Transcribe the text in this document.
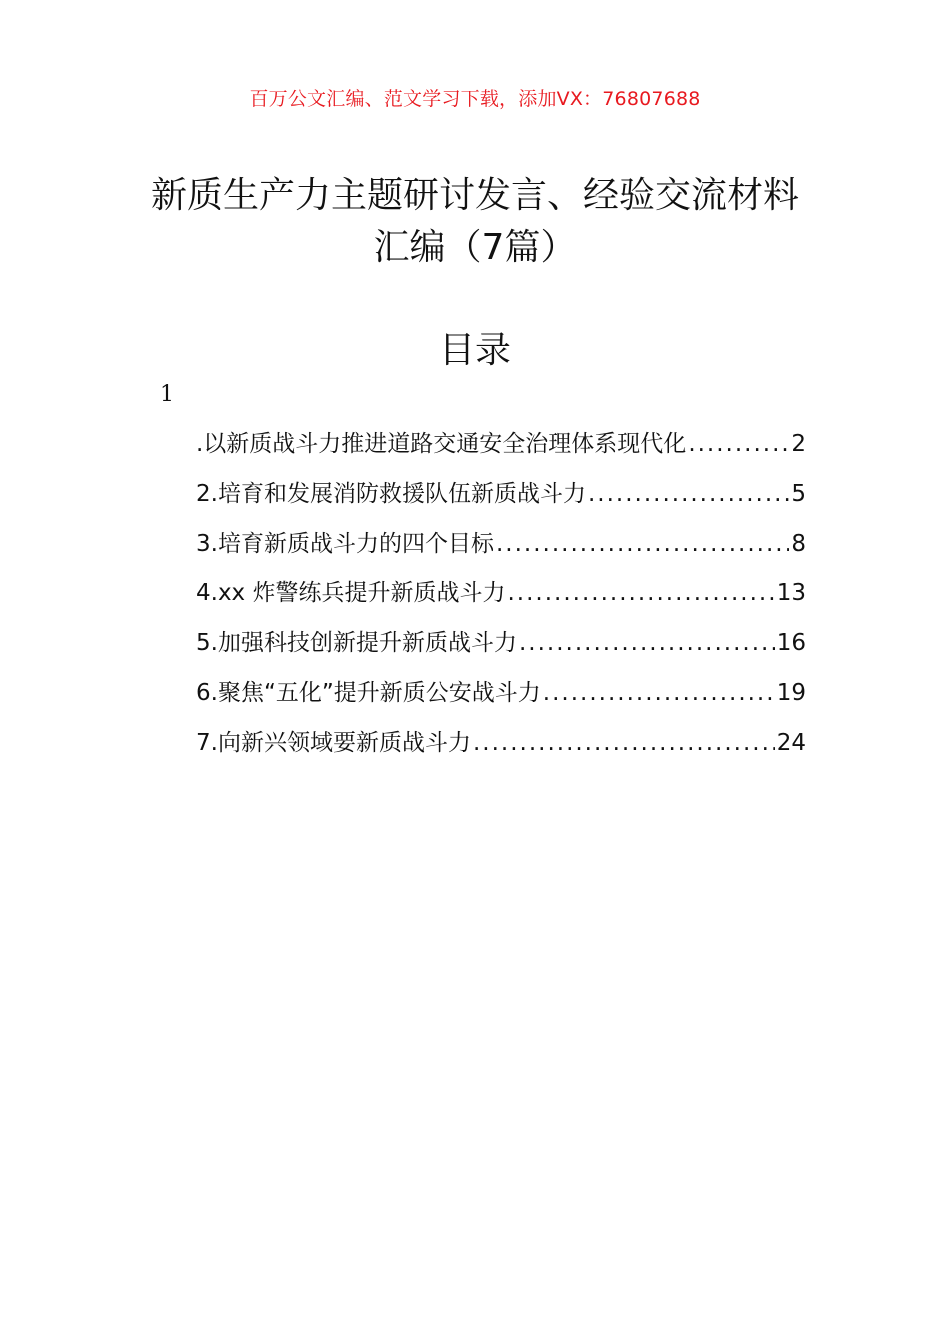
百万公文汇编、范文学习下载，添加VX：76807688
新质生产力主题研讨发言、经验交流材料
汇编（7篇）
目录
1
.以新质战斗力推进道路交通安全治理体系现代化 .....	2
2.培育和发展消防救援队伍新质战斗力 .....	5
3.培育新质战斗力的四个目标 .....	8
4.xx 炸警练兵提升新质战斗力 .....	13
5.加强科技创新提升新质战斗力 .....	16
6.聚焦“五化”提升新质公安战斗力 .....	19
7.向新兴领域要新质战斗力 .....	24
